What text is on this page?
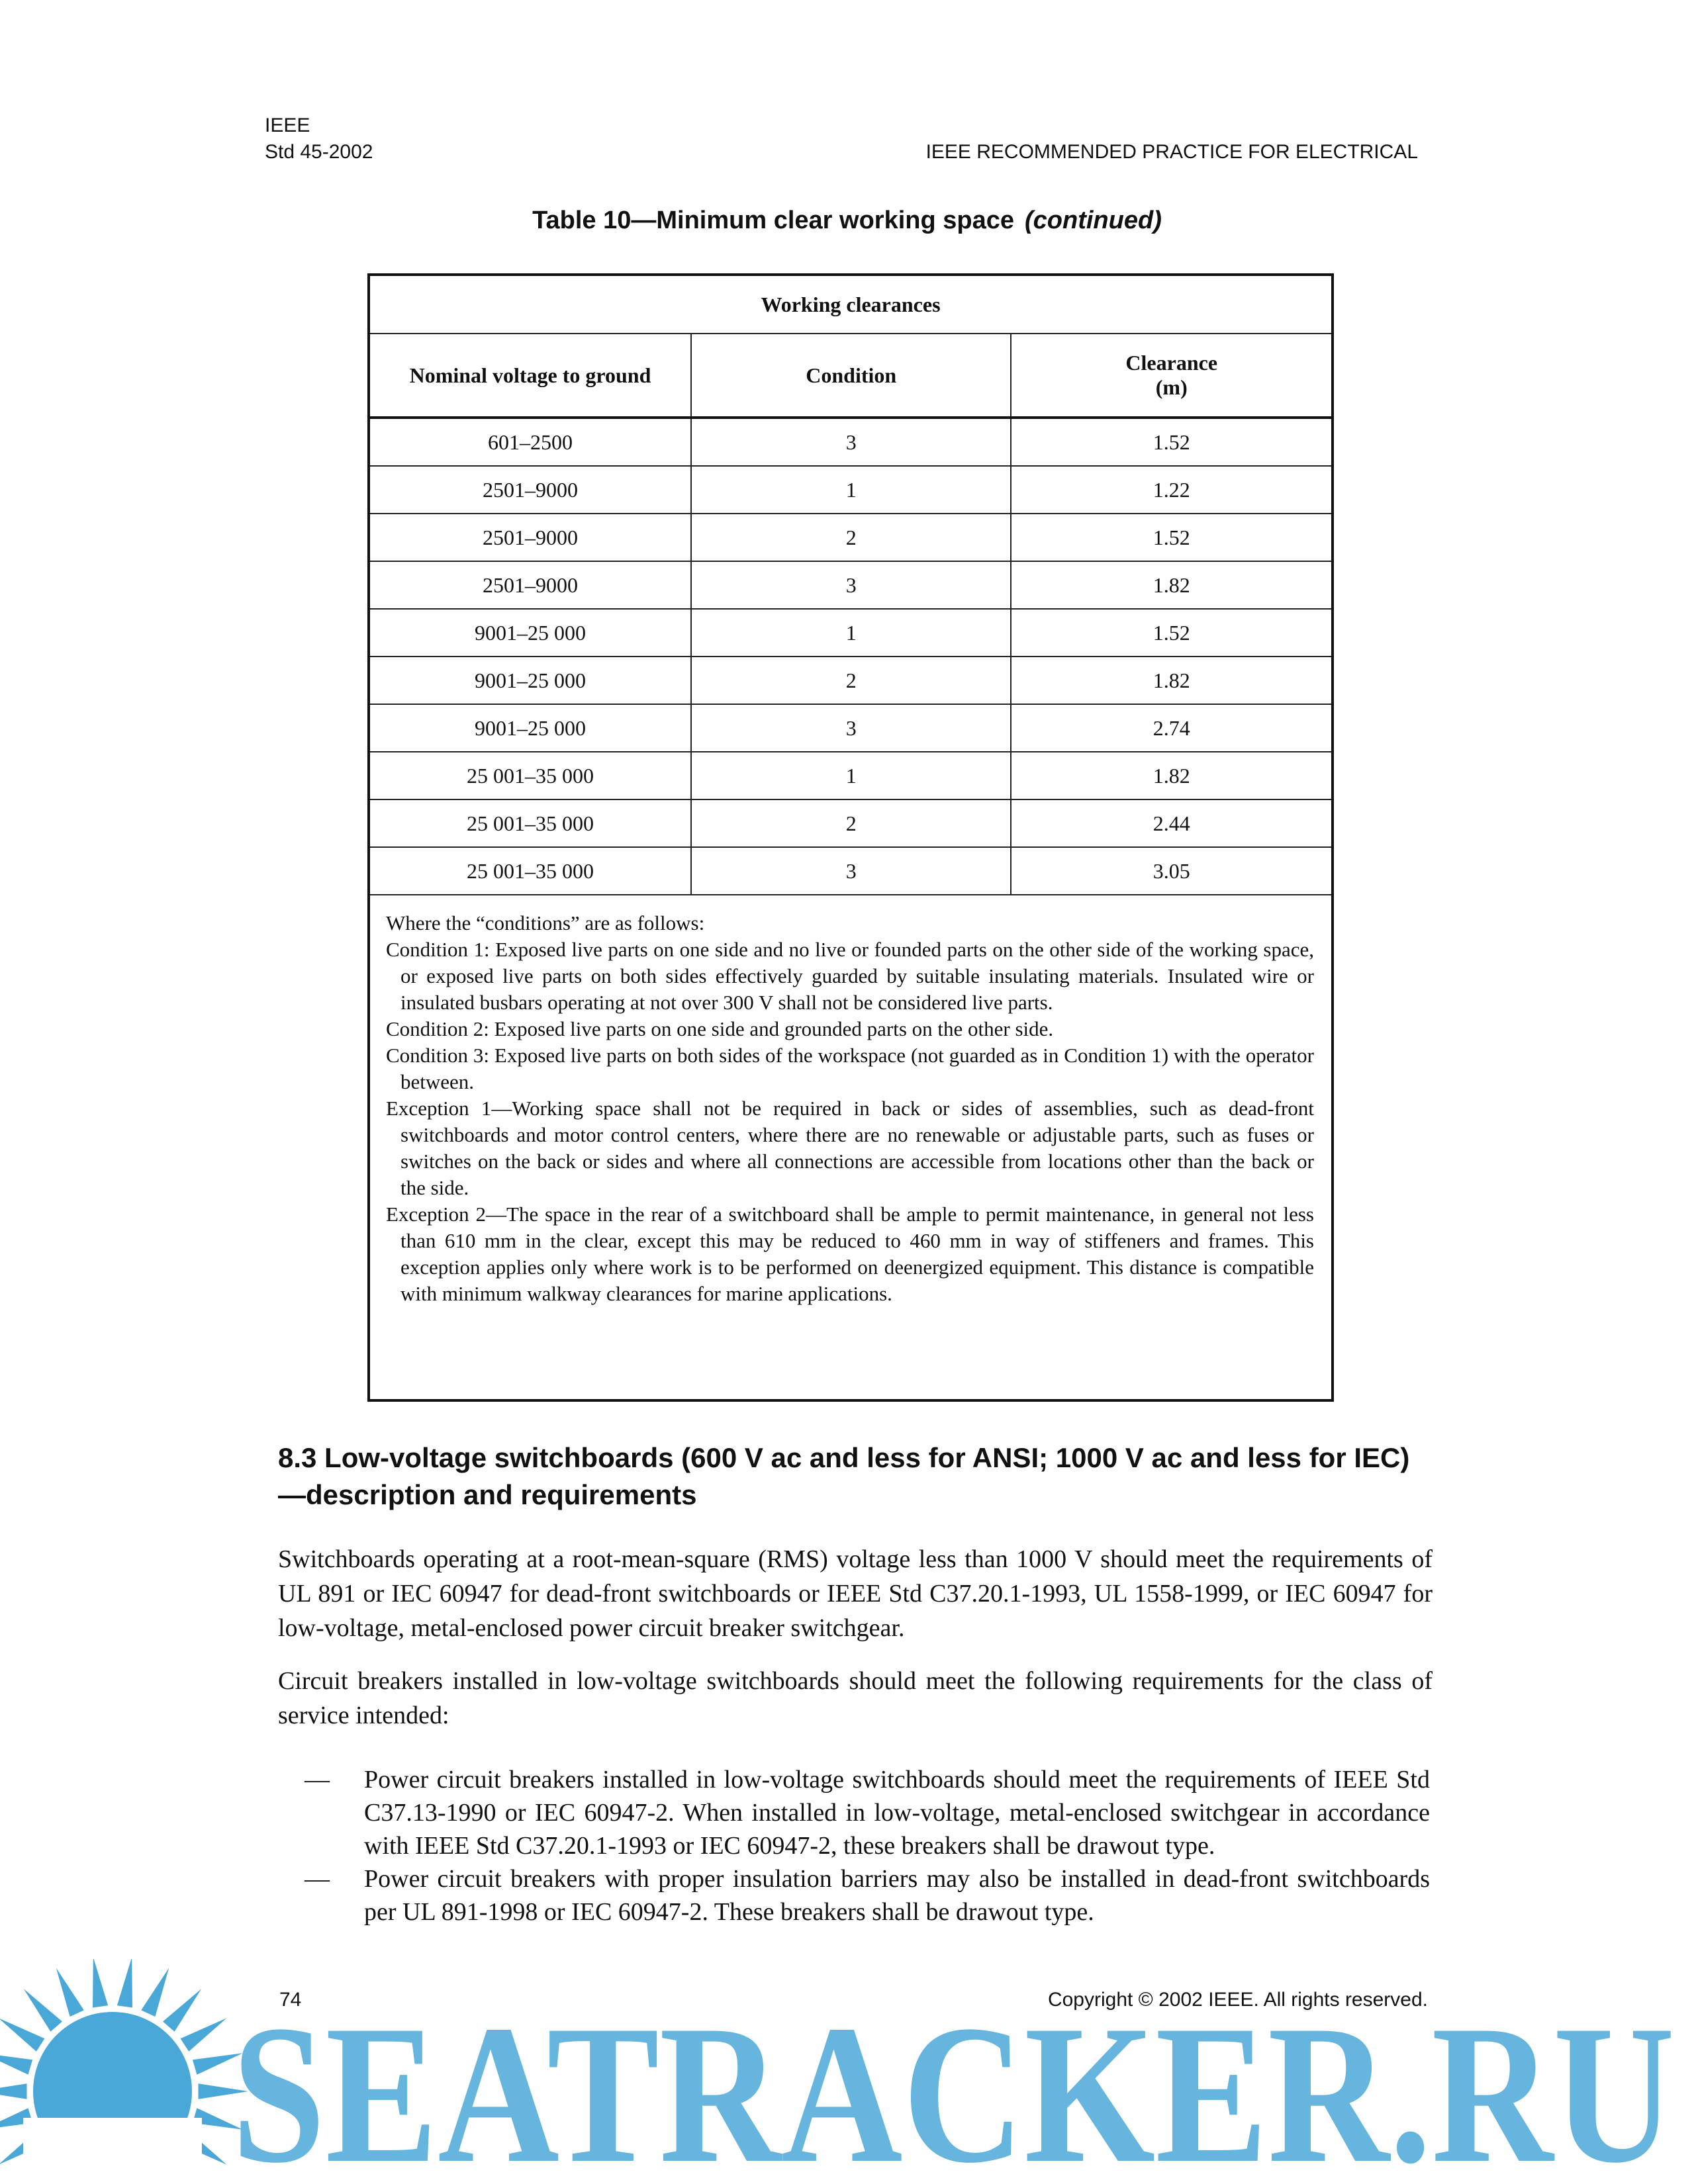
IEEE
Std 45-2002	IEEE RECOMMENDED PRACTICE FOR ELECTRICAL
Table 10—Minimum clear working space (continued)
Working clearances		
Nominal voltage to ground	Condition	Clearance
(m)

601–2500	3	1.52
2501–9000	1	1.22
2501–9000	2	1.52
2501–9000	3	1.82
9001–25 000	1	1.52
9001–25 000	2	1.82
9001–25 000	3	2.74
25 001–35 000	1	1.82
25 001–35 000	2	2.44
25 001–35 000	3	3.05

Where the “conditions” are as follows:

Condition 1: Exposed live parts on one side and no live or founded parts on the other side of the working space, or exposed live parts on both sides effectively guarded by suitable insulating materials. Insulated wire or insulated busbars operating at not over 300 V shall not be considered live parts.

Condition 2: Exposed live parts on one side and grounded parts on the other side.

Condition 3: Exposed live parts on both sides of the workspace (not guarded as in Condition 1) with the operator between.

Exception 1—Working space shall not be required in back or sides of assemblies, such as dead-front switchboards and motor control centers, where there are no renewable or adjustable parts, such as fuses or switches on the back or sides and where all connections are accessible from locations other than the back or the side.

Exception 2—The space in the rear of a switchboard shall be ample to permit maintenance, in general not less than 610 mm in the clear, except this may be reduced to 460 mm in way of stiffeners and frames. This exception applies only where work is to be performed on deenergized equipment. This distance is compatible with minimum walkway clearances for marine applications.

8.3 Low-voltage switchboards (600 V ac and less for ANSI; 1000 V ac and less for IEC)—description and requirements
Switchboards operating at a root-mean-square (RMS) voltage less than 1000 V should meet the requirements of UL 891 or IEC 60947 for dead-front switchboards or IEEE Std C37.20.1-1993, UL 1558-1999, or IEC 60947 for low-voltage, metal-enclosed power circuit breaker switchgear.
Circuit breakers installed in low-voltage switchboards should meet the following requirements for the class of service intended:
— Power circuit breakers installed in low-voltage switchboards should meet the requirements of IEEE Std C37.13-1990 or IEC 60947-2. When installed in low-voltage, metal-enclosed switchgear in accordance with IEEE Std C37.20.1-1993 or IEC 60947-2, these breakers shall be drawout type.
— Power circuit breakers with proper insulation barriers may also be installed in dead-front switchboards per UL 891-1998 or IEC 60947-2. These breakers shall be drawout type.
SEATRACKER.RU
74	Copyright © 2002 IEEE. All rights reserved.
